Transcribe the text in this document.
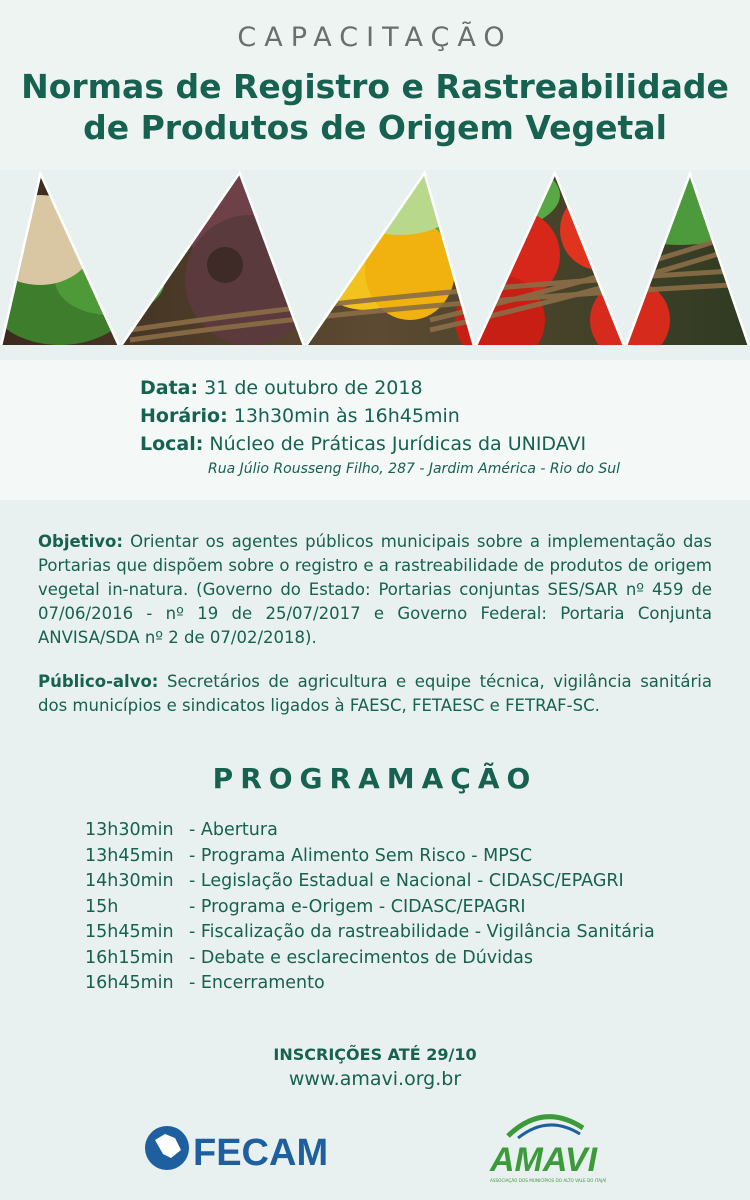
CAPACITAÇÃO
Normas de Registro e Rastreabilidade
de Produtos de Origem Vegetal
Data: 31 de outubro de 2018
Horário: 13h30min às 16h45min
Local: Núcleo de Práticas Jurídicas da UNIDAVI
Rua Júlio Rousseng Filho, 287 - Jardim América - Rio do Sul
Objetivo: Orientar os agentes públicos municipais sobre a implementação das Portarias que dispõem sobre o registro e a rastreabilidade de produtos de origem vegetal in-natura. (Governo do Estado: Portarias conjuntas SES/SAR nº 459 de 07/06/2016 - nº 19 de 25/07/2017 e Governo Federal: Portaria Conjunta ANVISA/SDA nº 2 de 07/02/2018).
Público-alvo: Secretários de agricultura e equipe técnica, vigilância sanitária dos municípios e sindicatos ligados à FAESC, FETAESC e FETRAF-SC.
PROGRAMAÇÃO
13h30min - Abertura
13h45min - Programa Alimento Sem Risco - MPSC
14h30min - Legislação Estadual e Nacional - CIDASC/EPAGRI
15h	- Programa e-Origem - CIDASC/EPAGRI
15h45min - Fiscalização da rastreabilidade - Vigilância Sanitária
16h15min - Debate e esclarecimentos de Dúvidas
16h45min - Encerramento
INSCRIÇÕES ATÉ 29/10
www.amavi.org.br
FECAM	AMAVI
ASSOCIAÇÃO DOS MUNICÍPIOS DO ALTO VALE DO ITAJAÍ
